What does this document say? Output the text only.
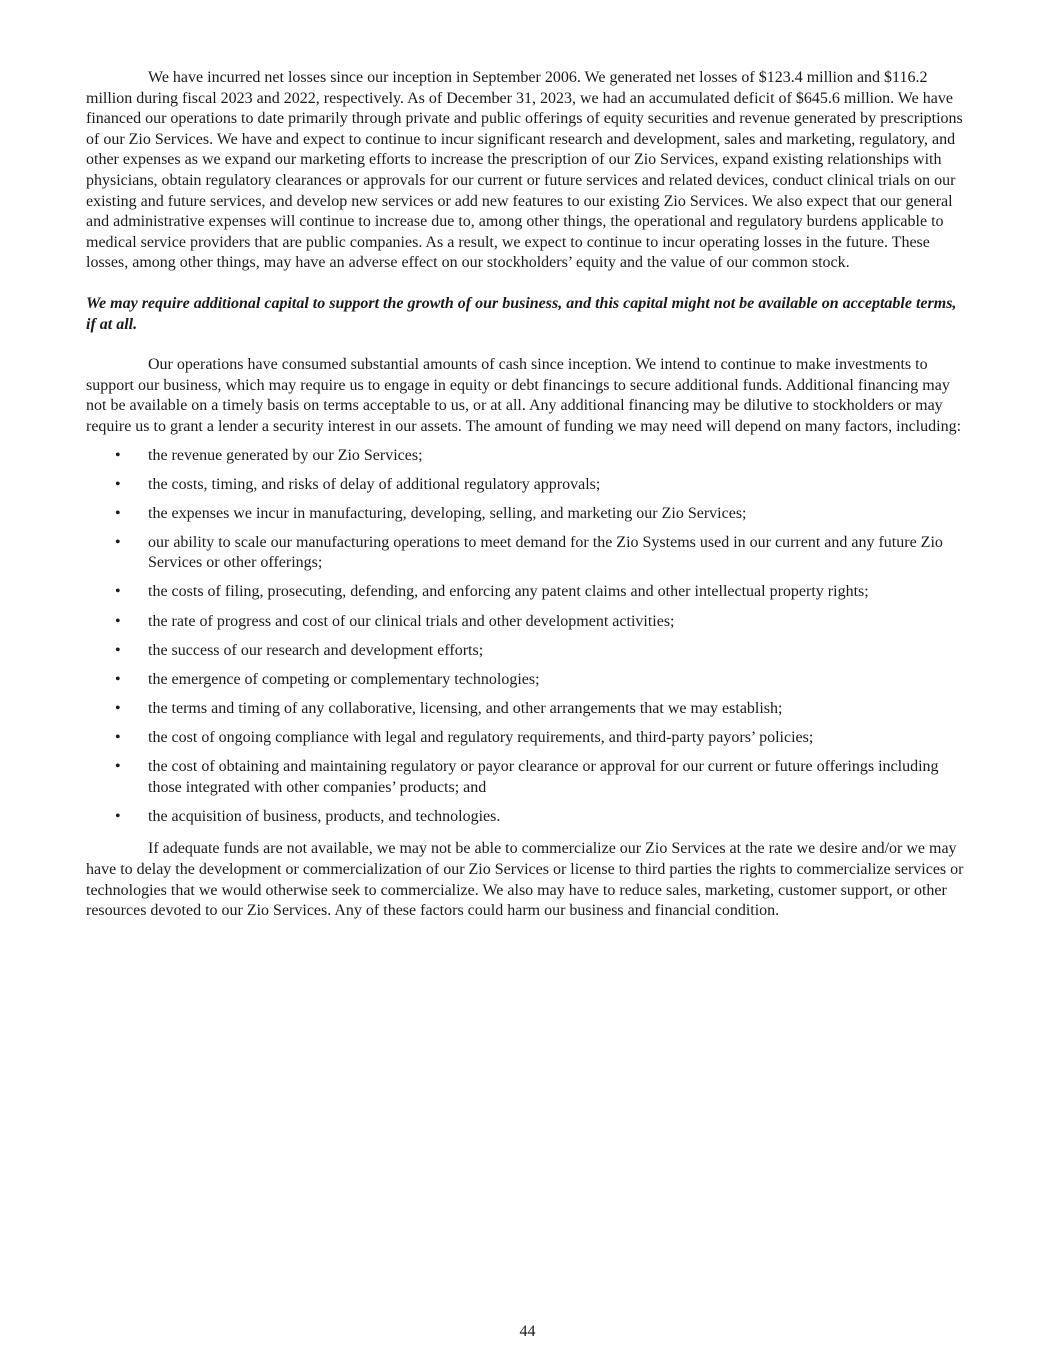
We have incurred net losses since our inception in September 2006. We generated net losses of $123.4 million and $116.2 million during fiscal 2023 and 2022, respectively. As of December 31, 2023, we had an accumulated deficit of $645.6 million. We have financed our operations to date primarily through private and public offerings of equity securities and revenue generated by prescriptions of our Zio Services. We have and expect to continue to incur significant research and development, sales and marketing, regulatory, and other expenses as we expand our marketing efforts to increase the prescription of our Zio Services, expand existing relationships with physicians, obtain regulatory clearances or approvals for our current or future services and related devices, conduct clinical trials on our existing and future services, and develop new services or add new features to our existing Zio Services. We also expect that our general and administrative expenses will continue to increase due to, among other things, the operational and regulatory burdens applicable to medical service providers that are public companies. As a result, we expect to continue to incur operating losses in the future. These losses, among other things, may have an adverse effect on our stockholders’ equity and the value of our common stock.

We may require additional capital to support the growth of our business, and this capital might not be available on acceptable terms, if at all.

Our operations have consumed substantial amounts of cash since inception. We intend to continue to make investments to support our business, which may require us to engage in equity or debt financings to secure additional funds. Additional financing may not be available on a timely basis on terms acceptable to us, or at all. Any additional financing may be dilutive to stockholders or may require us to grant a lender a security interest in our assets. The amount of funding we may need will depend on many factors, including:

• the revenue generated by our Zio Services;
• the costs, timing, and risks of delay of additional regulatory approvals;
• the expenses we incur in manufacturing, developing, selling, and marketing our Zio Services;
• our ability to scale our manufacturing operations to meet demand for the Zio Systems used in our current and any future Zio Services or other offerings;
• the costs of filing, prosecuting, defending, and enforcing any patent claims and other intellectual property rights;
• the rate of progress and cost of our clinical trials and other development activities;
• the success of our research and development efforts;
• the emergence of competing or complementary technologies;
• the terms and timing of any collaborative, licensing, and other arrangements that we may establish;
• the cost of ongoing compliance with legal and regulatory requirements, and third-party payors’ policies;
• the cost of obtaining and maintaining regulatory or payor clearance or approval for our current or future offerings including those integrated with other companies’ products; and
• the acquisition of business, products, and technologies.

If adequate funds are not available, we may not be able to commercialize our Zio Services at the rate we desire and/or we may have to delay the development or commercialization of our Zio Services or license to third parties the rights to commercialize services or technologies that we would otherwise seek to commercialize. We also may have to reduce sales, marketing, customer support, or other resources devoted to our Zio Services. Any of these factors could harm our business and financial condition.

44
